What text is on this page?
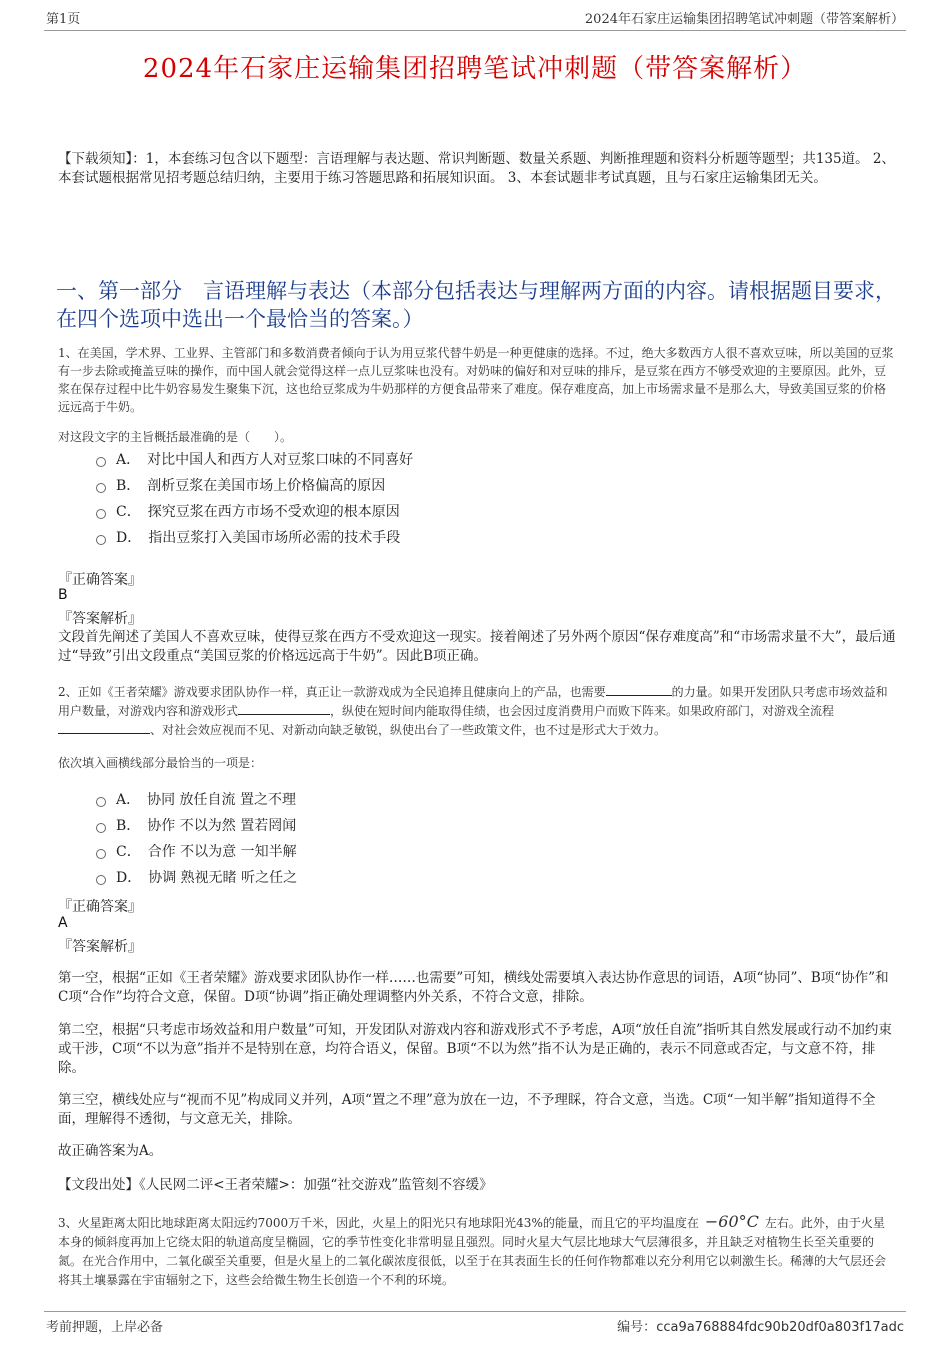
第1页	2024年石家庄运输集团招聘笔试冲刺题（带答案解析）
2024年石家庄运输集团招聘笔试冲刺题（带答案解析）
【下载须知】：1，本套练习包含以下题型：言语理解与表达题、常识判断题、数量关系题、判断推理题和资料分析题等题型；共135道。 2、本套试题根据常见招考题总结归纳，主要用于练习答题思路和拓展知识面。 3、本套试题非考试真题，且与石家庄运输集团无关。
一、第一部分　言语理解与表达（本部分包括表达与理解两方面的内容。请根据题目要求，在四个选项中选出一个最恰当的答案。）
1、在美国，学术界、工业界、主管部门和多数消费者倾向于认为用豆浆代替牛奶是一种更健康的选择。不过，绝大多数西方人很不喜欢豆味，所以美国的豆浆有一步去除或掩盖豆味的操作，而中国人就会觉得这样一点儿豆浆味也没有。对奶味的偏好和对豆味的排斥，是豆浆在西方不够受欢迎的主要原因。此外，豆浆在保存过程中比牛奶容易发生聚集下沉，这也给豆浆成为牛奶那样的方便食品带来了难度。保存难度高，加上市场需求量不是那么大，导致美国豆浆的价格远远高于牛奶。
对这段文字的主旨概括最准确的是（　　）。
A．　对比中国人和西方人对豆浆口味的不同喜好
B．　剖析豆浆在美国市场上价格偏高的原因
C．　探究豆浆在西方市场不受欢迎的根本原因
D．　指出豆浆打入美国市场所必需的技术手段
『正确答案』
B
『答案解析』
文段首先阐述了美国人不喜欢豆味，使得豆浆在西方不受欢迎这一现实。接着阐述了另外两个原因“保存难度高”和“市场需求量不大”，最后通过“导致”引出文段重点“美国豆浆的价格远远高于牛奶”。因此B项正确。
2、正如《王者荣耀》游戏要求团队协作一样，真正让一款游戏成为全民追捧且健康向上的产品，也需要	的力量。如果开发团队只考虑市场效益和用户数量，对游戏内容和游戏形式	，纵使在短时间内能取得佳绩，也会因过度消费用户而败下阵来。如果政府部门，对游戏全流程、对社会效应视而不见、对新动向缺乏敏锐，纵使出台了一些政策文件，也不过是形式大于效力。
依次填入画横线部分最恰当的一项是：
A．　协同 放任自流 置之不理
B．　协作 不以为然 置若罔闻
C．　合作 不以为意 一知半解
D．　协调 熟视无睹 听之任之
『正确答案』
A
『答案解析』
第一空，根据“正如《王者荣耀》游戏要求团队协作一样……也需要”可知，横线处需要填入表达协作意思的词语，A项“协同”、B项“协作”和C项“合作”均符合文意，保留。D项“协调”指正确处理调整内外关系，不符合文意，排除。
第二空，根据“只考虑市场效益和用户数量”可知，开发团队对游戏内容和游戏形式不予考虑，A项“放任自流”指听其自然发展或行动不加约束或干涉，C项“不以为意”指并不是特别在意，均符合语义，保留。B项“不以为然”指不认为是正确的，表示不同意或否定，与文意不符，排除。
第三空，横线处应与“视而不见”构成同义并列，A项“置之不理”意为放在一边，不予理睬，符合文意，当选。C项“一知半解”指知道得不全面，理解得不透彻，与文意无关，排除。
故正确答案为A。
【文段出处】《人民网二评<王者荣耀>：加强“社交游戏”监管刻不容缓》
3、火星距离太阳比地球距离太阳远约7000万千米，因此，火星上的阳光只有地球阳光43%的能量，而且它的平均温度在 −60°C 左右。此外，由于火星本身的倾斜度再加上它绕太阳的轨道高度呈椭圆，它的季节性变化非常明显且强烈。同时火星大气层比地球大气层薄很多，并且缺乏对植物生长至关重要的氮。在光合作用中，二氧化碳至关重要，但是火星上的二氧化碳浓度很低，以至于在其表面生长的任何作物都难以充分利用它以刺激生长。稀薄的大气层还会将其土壤暴露在宇宙辐射之下，这些会给微生物生长创造一个不利的环境。
考前押题，上岸必备	编号：cca9a768884fdc90b20df0a803f17adc
